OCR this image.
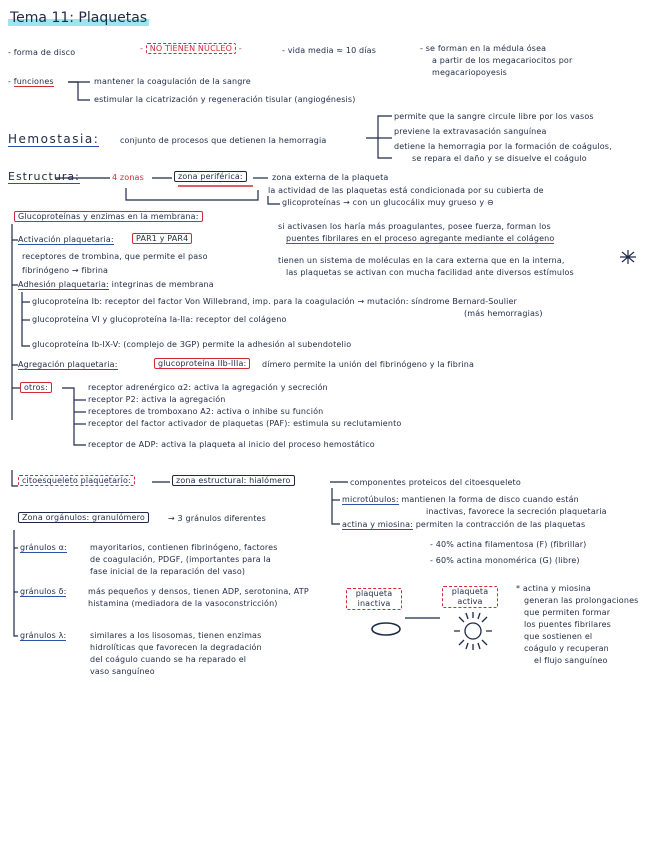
Tema 11: Plaquetas
- forma de disco	- NO TIENEN NÚCLEO -	- vida media ≈ 10 días	- se forman en la médula ósea
a partir de los megacariocitos por
megacariopoyesis
- funciones	mantener la coagulación de la sangre
estimular la cicatrización y regeneración tisular (angiogénesis)
Hemostasia:	conjunto de procesos que detienen la hemorragia
permite que la sangre circule libre por los vasos
previene la extravasación sanguínea
detiene la hemorragia por la formación de coágulos,
se repara el daño y se disuelve el coágulo
Estructura:	4 zonas	zona periférica:	zona externa de la plaqueta
la actividad de las plaquetas está condicionada por su cubierta de
glicoproteínas → con un glucocálix muy grueso y ⊖
si activasen los haría más proagulantes, posee fuerza, forman los
puentes fibrilares en el proceso agregante mediante el colágeno
tienen un sistema de moléculas en la cara externa que en la interna,
las plaquetas se activan con mucha facilidad ante diversos estímulos
Glucoproteínas y enzimas en la membrana:
Activación plaquetaria:	PAR1 y PAR4
receptores de trombina, que permite el paso
fibrinógeno → fibrina
Adhesión plaquetaria: integrinas de membrana
glucoproteína Ib: receptor del factor Von Willebrand, imp. para la coagulación → mutación: síndrome Bernard-Soulier
(más hemorragias)
glucoproteína VI y glucoproteína Ia-IIa: receptor del colágeno
glucoproteína Ib-IX-V: (complejo de 3GP) permite la adhesión al subendotelio
Agregación plaquetaria:	glucoproteína IIb-IIIa:	dímero permite la unión del fibrinógeno y la fibrina
otros:	receptor adrenérgico α2: activa la agregación y secreción
receptor P2: activa la agregación
receptores de tromboxano A2: activa o inhibe su función
receptor del factor activador de plaquetas (PAF): estimula su reclutamiento
receptor de ADP: activa la plaqueta al inicio del proceso hemostático
citoesqueleto plaquetario:	zona estructural: hialómero	componentes proteicos del citoesqueleto
microtúbulos: mantienen la forma de disco cuando están
inactivas, favorece la secreción plaquetaria
actina y miosina: permiten la contracción de las plaquetas
- 40% actina filamentosa (F) (fibrillar)
- 60% actina monomérica (G) (libre)
plaqueta inactiva
plaqueta activa
* actina y miosina
generan las prolongaciones
que permiten formar
los puentes fibrilares
que sostienen el
coágulo y recuperan
el flujo sanguíneo
Zona orgánulos: granulómero	→ 3 gránulos diferentes
gránulos α:	mayoritarios, contienen fibrinógeno, factores
de coagulación, PDGF, (importantes para la
fase inicial de la reparación del vaso)
gránulos δ:	más pequeños y densos, tienen ADP, serotonina, ATP
histamina (mediadora de la vasoconstricción)
gránulos λ:	similares a los lisosomas, tienen enzimas
hidrolíticas que favorecen la degradación
del coágulo cuando se ha reparado el
vaso sanguíneo
